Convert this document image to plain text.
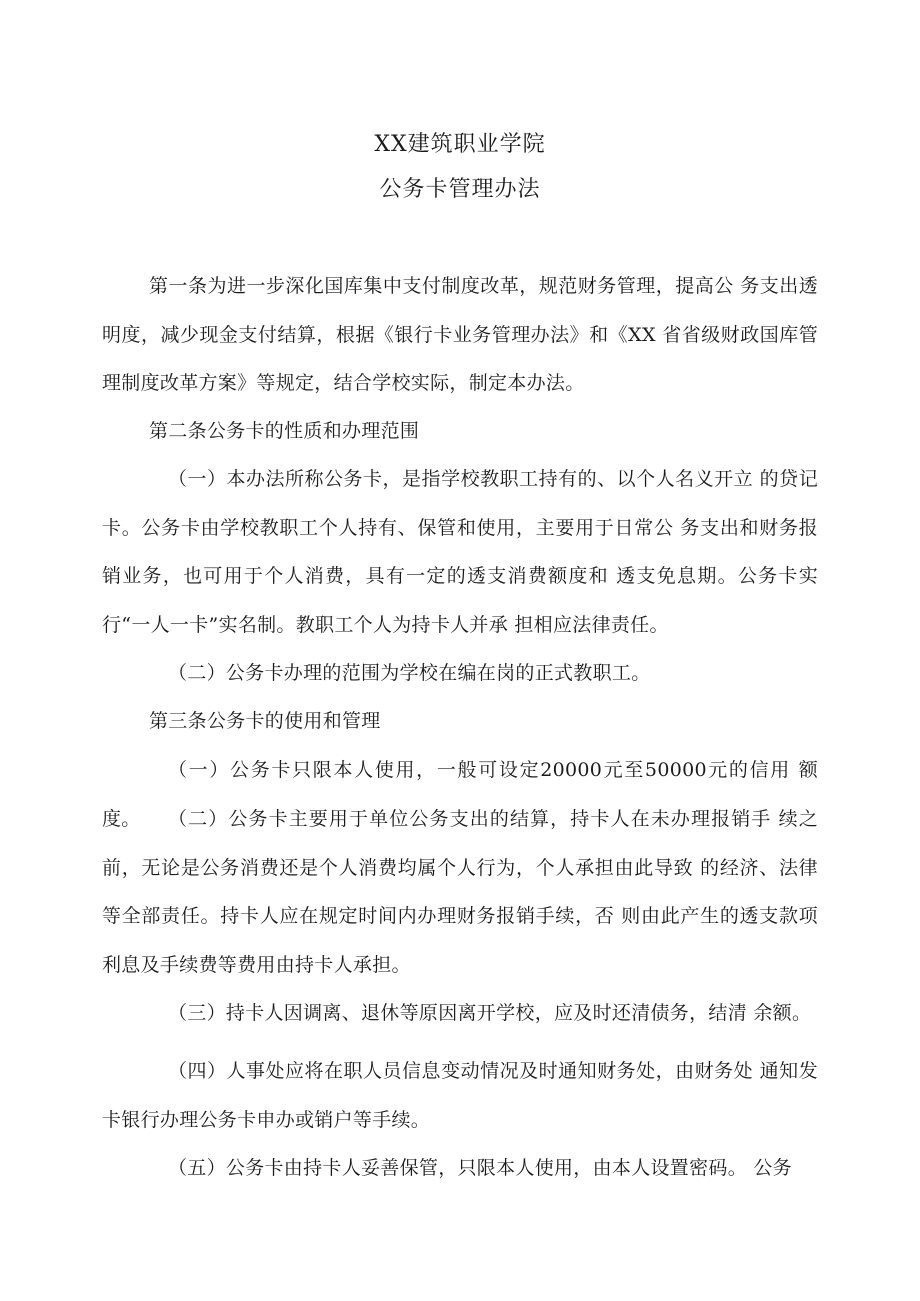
XX建筑职业学院
公务卡管理办法

第一条为进一步深化国库集中支付制度改革，规范财务管理，提高公 务支出透明度，减少现金支付结算，根据《银行卡业务管理办法》和《XX 省省级财政国库管理制度改革方案》等规定，结合学校实际，制定本办法。

第二条公务卡的性质和办理范围

（一）本办法所称公务卡，是指学校教职工持有的、以个人名义开立 的贷记卡。公务卡由学校教职工个人持有、保管和使用，主要用于日常公 务支出和财务报销业务，也可用于个人消费，具有一定的透支消费额度和 透支免息期。公务卡实行“一人一卡”实名制。教职工个人为持卡人并承 担相应法律责任。

（二）公务卡办理的范围为学校在编在岗的正式教职工。

第三条公务卡的使用和管理

（一）公务卡只限本人使用，一般可设定20000元至50000元的信用 额度。	（二）公务卡主要用于单位公务支出的结算，持卡人在未办理报销手 续之前，无论是公务消费还是个人消费均属个人行为，个人承担由此导致 的经济、法律等全部责任。持卡人应在规定时间内办理财务报销手续，否 则由此产生的透支款项利息及手续费等费用由持卡人承担。

（三）持卡人因调离、退休等原因离开学校，应及时还清债务，结清 余额。

（四）人事处应将在职人员信息变动情况及时通知财务处，由财务处 通知发卡银行办理公务卡申办或销户等手续。

（五）公务卡由持卡人妥善保管，只限本人使用，由本人设置密码。 公务
